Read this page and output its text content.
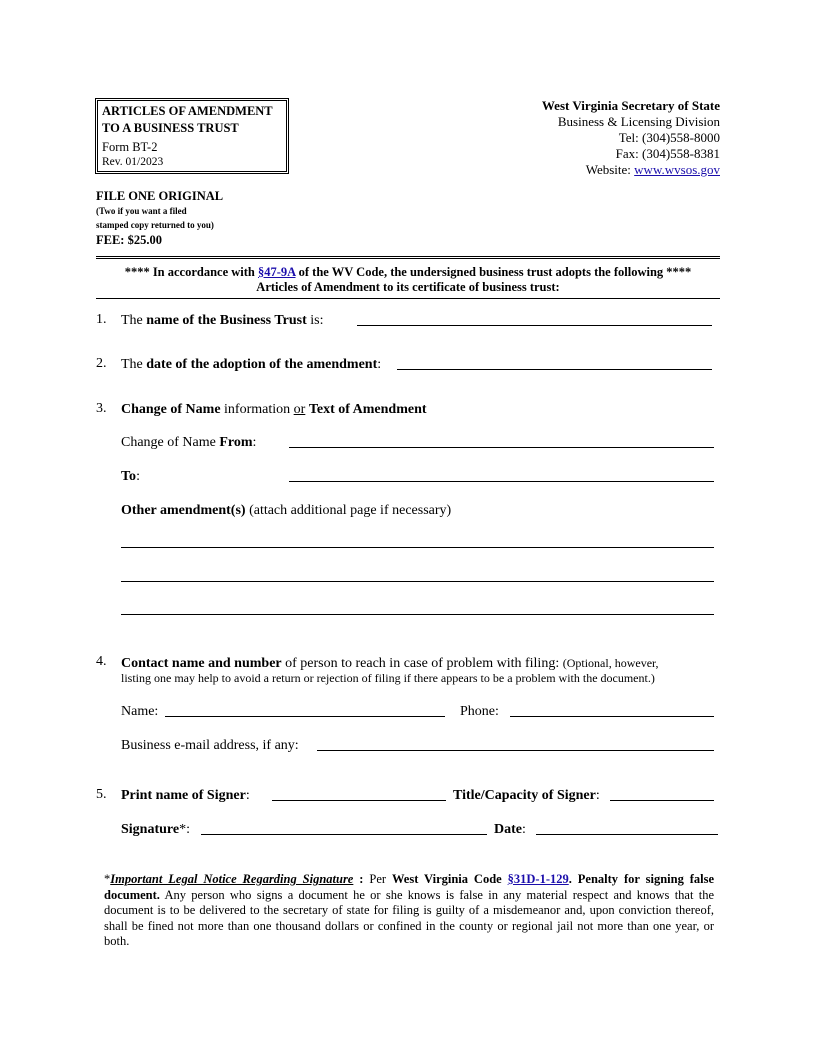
ARTICLES OF AMENDMENT
TO A BUSINESS TRUST
Form BT-2
Rev. 01/2023
West Virginia Secretary of State
Business & Licensing Division
Tel: (304)558-8000
Fax: (304)558-8381
Website: www.wvsos.gov
FILE ONE ORIGINAL
(Two if you want a filed
stamped copy returned to you)
FEE: $25.00
**** In accordance with §47-9A of the WV Code, the undersigned business trust adopts the following ****
Articles of Amendment to its certificate of business trust:
1. The name of the Business Trust is:
2. The date of the adoption of the amendment:
3. Change of Name information or Text of Amendment
Change of Name From:
To:
Other amendment(s) (attach additional page if necessary)
4. Contact name and number of person to reach in case of problem with filing: (Optional, however,
listing one may help to avoid a return or rejection of filing if there appears to be a problem with the document.)
Name:	Phone:
Business e-mail address, if any:
5. Print name of Signer:	Title/Capacity of Signer:
Signature*:	Date:
*Important Legal Notice Regarding Signature : Per West Virginia Code §31D-1-129. Penalty for signing false document. Any person who signs a document he or she knows is false in any material respect and knows that the document is to be delivered to the secretary of state for filing is guilty of a misdemeanor and, upon conviction thereof, shall be fined not more than one thousand dollars or confined in the county or regional jail not more than one year, or both.
